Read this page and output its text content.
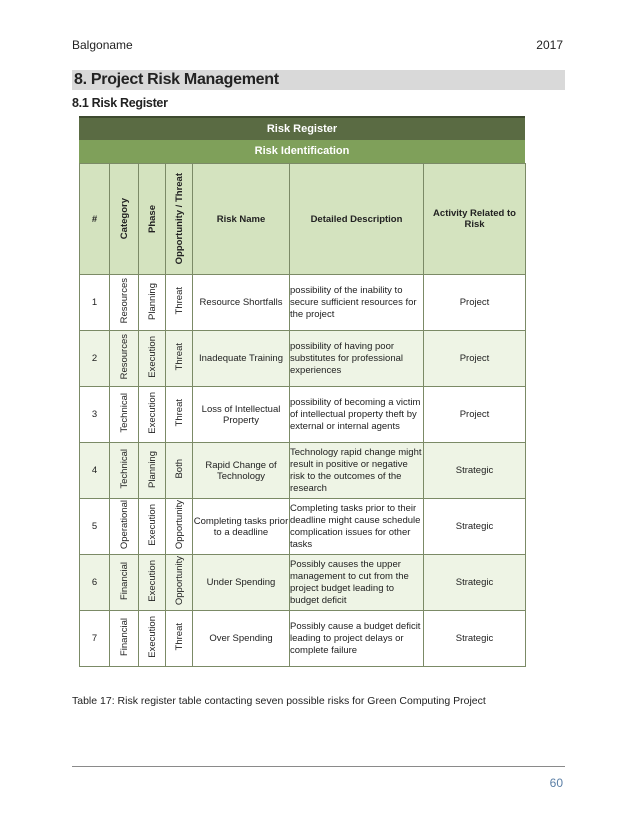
Balgoname	2017
8. Project Risk Management
8.1 Risk Register
Risk Register
Risk Identification
#	Category	Phase	Opportunity / Threat	Risk Name	Detailed Description	Activity Related to Risk
1	Resources	Planning	Threat	Resource Shortfalls	possibility of the inability to secure sufficient resources for the project	Project
2	Resources	Execution	Threat	Inadequate Training	possibility of having poor substitutes for professional experiences	Project
3	Technical	Execution	Threat	Loss of Intellectual Property	possibility of becoming a victim of intellectual property theft by external or internal agents	Project
4	Technical	Planning	Both	Rapid Change of Technology	Technology rapid change might result in positive or negative risk to the outcomes of the research	Strategic
5	Operational	Execution	Opportunity	Completing tasks prior to a deadline	Completing tasks prior to their deadline might cause schedule complication issues for other tasks	Strategic
6	Financial	Execution	Opportunity	Under Spending	Possibly causes the upper management to cut from the project budget leading to budget deficit	Strategic
7	Financial	Execution	Threat	Over Spending	Possibly cause a budget deficit leading to project delays or complete failure	Strategic
Table 17: Risk register table contacting seven possible risks for Green Computing Project
60
